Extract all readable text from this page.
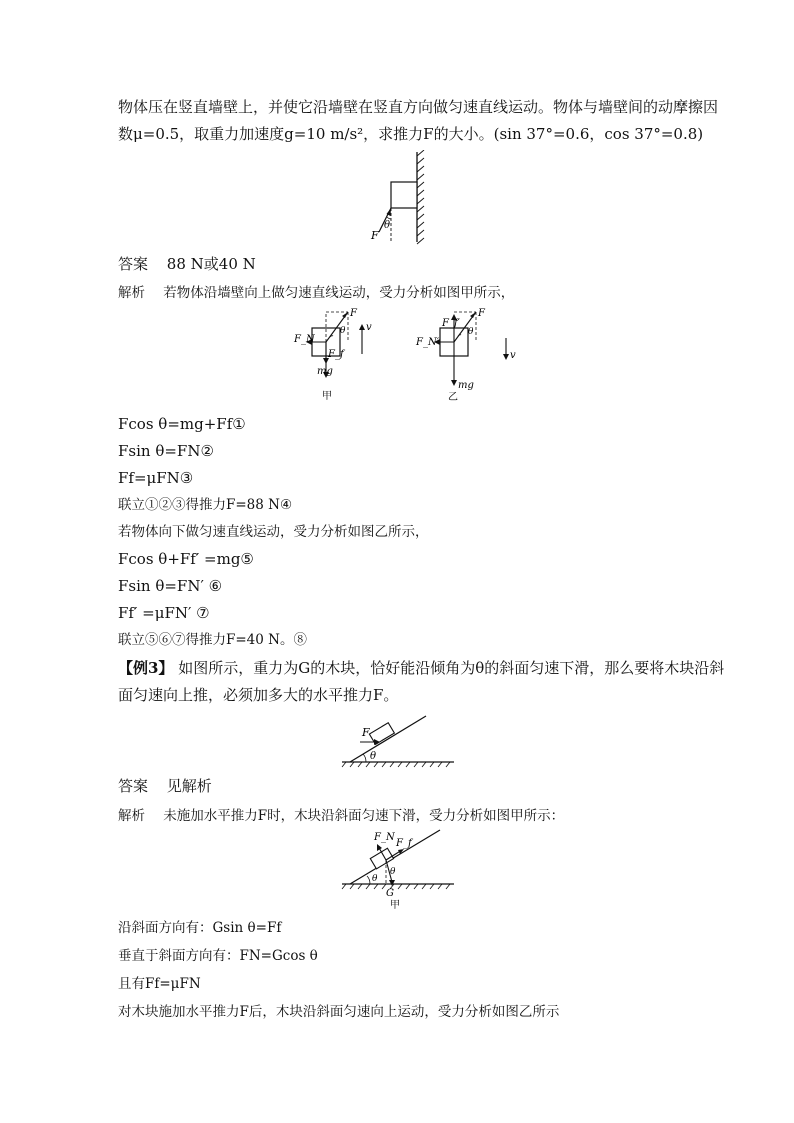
物体压在竖直墙壁上，并使它沿墙壁在竖直方向做匀速直线运动。物体与墙壁间的动摩擦因
数μ=0.5，取重力加速度g=10 m/s²，求推力F的大小。(sin 37°=0.6，cos 37°=0.8)
θ
F
答案 88 N或40 N
解析 若物体沿墙壁向上做匀速直线运动，受力分析如图甲所示，
F_N
F
θ
F_f
v
mg
甲
F_f′
F
F_N′
θ
v
mg
乙
Fcos θ=mg+Ff①
Fsin θ=FN②
Ff=μFN③
联立①②③得推力F=88 N④
若物体向下做匀速直线运动，受力分析如图乙所示，
Fcos θ+Ff′ =mg⑤
Fsin θ=FN′ ⑥
Ff′ =μFN′ ⑦
联立⑤⑥⑦得推力F=40 N。⑧
【例3】 如图所示，重力为G的木块，恰好能沿倾角为θ的斜面匀速下滑，那么要将木块沿斜
面匀速向上推，必须加多大的水平推力F。
F
θ
答案 见解析
解析 未施加水平推力F时，木块沿斜面匀速下滑，受力分析如图甲所示：
F_N
F_f
θ
θ
G
甲
沿斜面方向有：Gsin θ=Ff
垂直于斜面方向有：FN=Gcos θ
且有Ff=μFN
对木块施加水平推力F后，木块沿斜面匀速向上运动，受力分析如图乙所示
